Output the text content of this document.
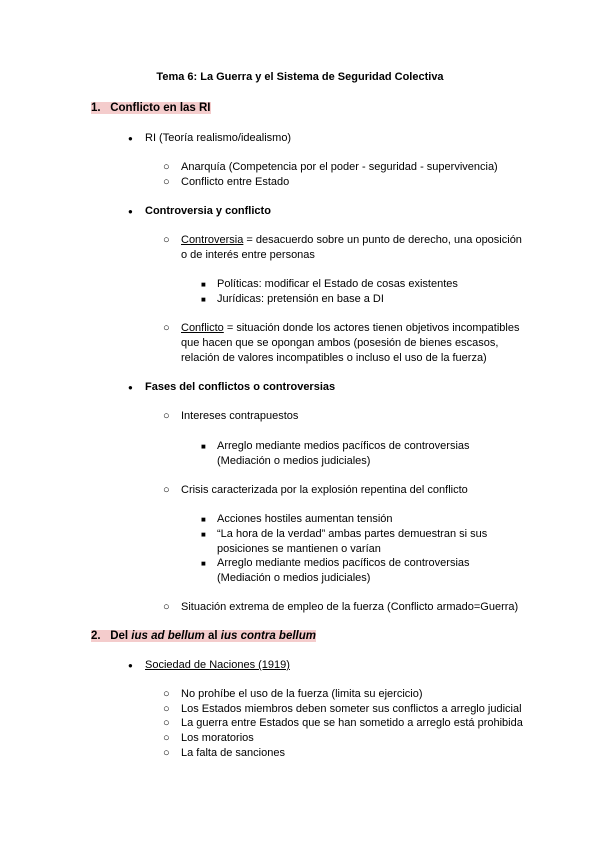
Tema 6: La Guerra y el Sistema de Seguridad Colectiva
1. Conflicto en las RI
● RI (Teoría realismo/idealismo)
○ Anarquía (Competencia por el poder - seguridad - supervivencia)
○ Conflicto entre Estado
● Controversia y conflicto
○ Controversia = desacuerdo sobre un punto de derecho, una oposición
o de interés entre personas
■ Políticas: modificar el Estado de cosas existentes
■ Jurídicas: pretensión en base a DI
○ Conflicto = situación donde los actores tienen objetivos incompatibles
que hacen que se opongan ambos (posesión de bienes escasos,
relación de valores incompatibles o incluso el uso de la fuerza)
● Fases del conflictos o controversias
○ Intereses contrapuestos
■ Arreglo mediante medios pacíficos de controversias
(Mediación o medios judiciales)
○ Crisis caracterizada por la explosión repentina del conflicto
■ Acciones hostiles aumentan tensión
■ “La hora de la verdad” ambas partes demuestran si sus
posiciones se mantienen o varían
■ Arreglo mediante medios pacíficos de controversias
(Mediación o medios judiciales)
○ Situación extrema de empleo de la fuerza (Conflicto armado=Guerra)
2. Del ius ad bellum al ius contra bellum
● Sociedad de Naciones (1919)
○ No prohíbe el uso de la fuerza (limita su ejercicio)
○ Los Estados miembros deben someter sus conflictos a arreglo judicial
○ La guerra entre Estados que se han sometido a arreglo está prohibida
○ Los moratorios
○ La falta de sanciones
